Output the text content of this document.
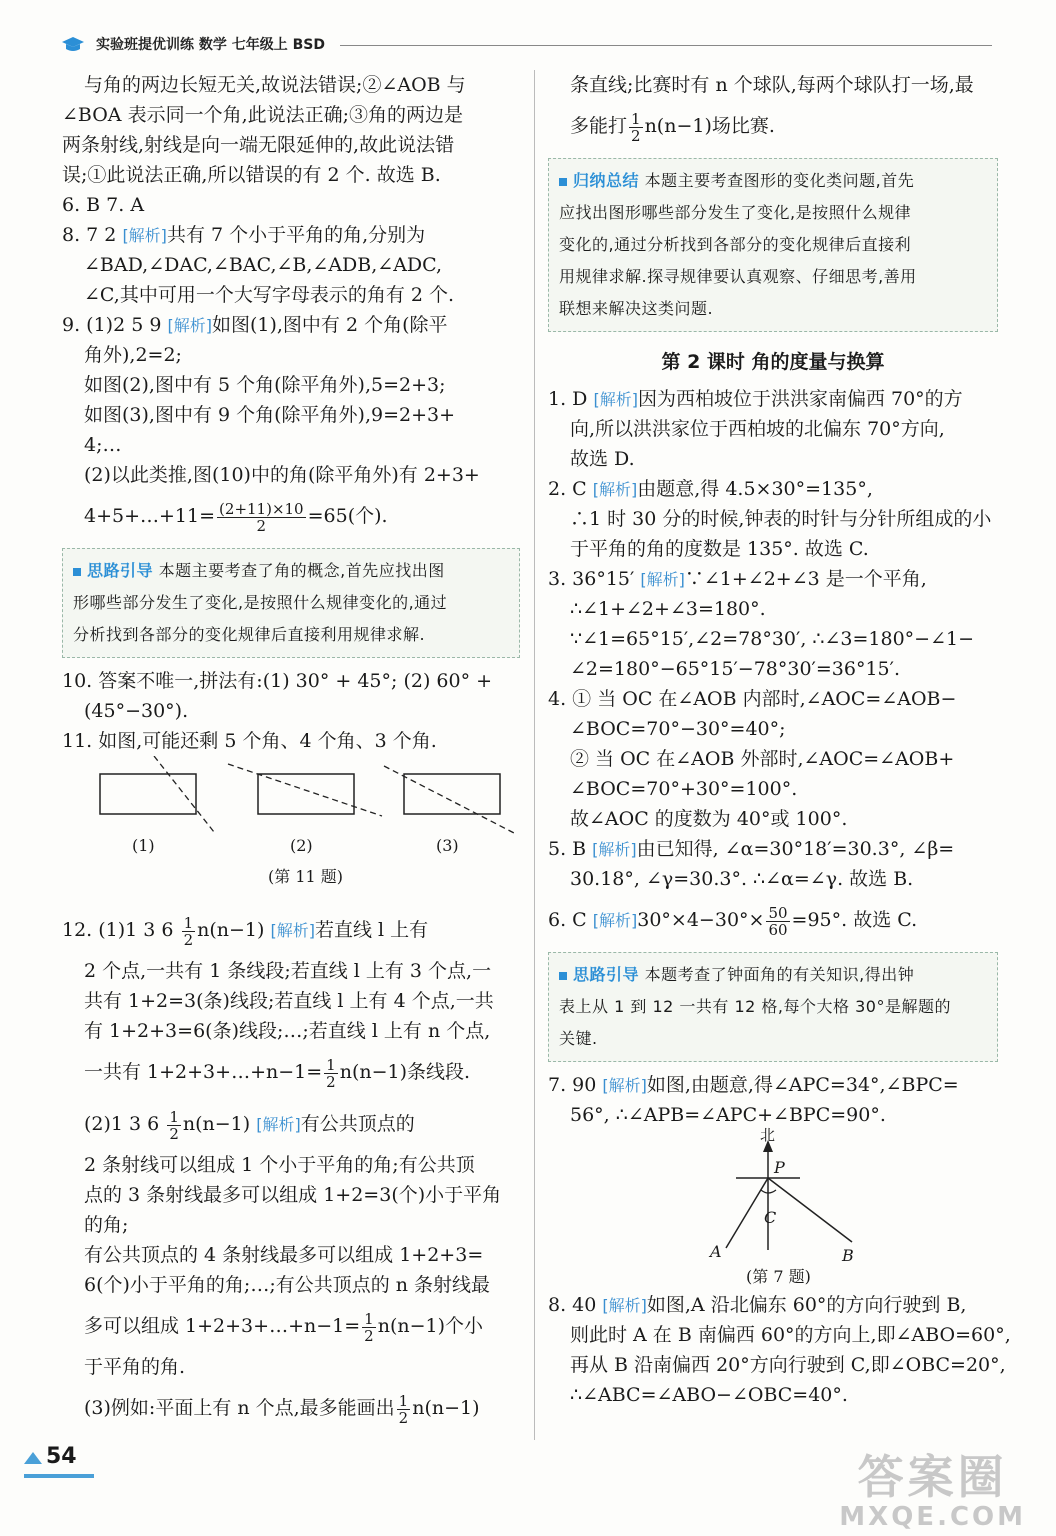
实验班提优训练 数学 七年级上 BSD
与角的两边长短无关,故说法错误;②∠AOB 与
∠BOA 表示同一个角,此说法正确;③角的两边是
两条射线,射线是向一端无限延伸的,故此说法错
误;①此说法正确,所以错误的有 2 个. 故选 B.
6. B 7. A
8. 7 2 [解析]共有 7 个小于平角的角,分别为
∠BAD,∠DAC,∠BAC,∠B,∠ADB,∠ADC,
∠C,其中可用一个大写字母表示的角有 2 个.
9. (1)2 5 9 [解析]如图(1),图中有 2 个角(除平
角外),2=2;
如图(2),图中有 5 个角(除平角外),5=2+3;
如图(3),图中有 9 个角(除平角外),9=2+3+
4;…
(2)以此类推,图(10)中的角(除平角外)有 2+3+
4+5+…+11= $\frac{(2+11)\times 10}{2} =65$(个).
思路引导 本题主要考查了角的概念,首先应找出图
形哪些部分发生了变化,是按照什么规律变化的,通过
分析找到各部分的变化规律后直接利用规律求解.
10. 答案不唯一,拼法有:(1) 30° + 45°; (2) 60° +
(45°−30°).
11. 如图,可能还剩 5 个角、4 个角、3 个角.
(1)	(2)	(3)
(第 11 题)
12. (1)1 3 $6 \frac{1}{2} n(n-1)$ [解析]若直线 l 上有
2 个点,一共有 1 条线段;若直线 l 上有 3 个点,一
共有 1+2=3(条)线段;若直线 l 上有 4 个点,一共
有 1+2+3=6(条)线段;…;若直线 l 上有 n 个点,
一共有 1+2+3+…+n−1= $\frac{1}{2} n(n-1)$条线段.
(2)1 3 $6 \frac{1}{2} n(n-1)$ [解析]有公共顶点的
2 条射线可以组成 1 个小于平角的角;有公共顶
点的 3 条射线最多可以组成 1+2=3(个)小于平角
的角;
有公共顶点的 4 条射线最多可以组成 1+2+3=
6(个)小于平角的角;…;有公共顶点的 n 条射线最
多可以组成 1+2+3+…+n−1= $\frac{1}{2} n(n-1)$个小
于平角的角.
(3)例如:平面上有 n 个点,最多能画出 $\frac{1}{2} n(n-1)$
条直线;比赛时有 n 个球队,每两个球队打一场,最
多能打 $\frac{1}{2} n(n-1)$场比赛.
归纳总结 本题主要考查图形的变化类问题,首先
应找出图形哪些部分发生了变化,是按照什么规律
变化的,通过分析找到各部分的变化规律后直接利
用规律求解.探寻规律要认真观察、仔细思考,善用
联想来解决这类问题.
第 2 课时 角的度量与换算
1. D [解析]因为西柏坡位于洪洪家南偏西 70°的方
向,所以洪洪家位于西柏坡的北偏东 70°方向,
故选 D.
2. C [解析]由题意,得 4.5×30°=135°,
∴1 时 30 分的时候,钟表的时针与分针所组成的小
于平角的角的度数是 135°. 故选 C.
3. 36°15′ [解析]∵∠1+∠2+∠3 是一个平角,
∴∠1+∠2+∠3=180°.
∵∠1=65°15′,∠2=78°30′, ∴∠3=180°−∠1−
∠2=180°−65°15′−78°30′=36°15′.
4. ① 当 OC 在∠AOB 内部时,∠AOC=∠AOB−
∠BOC=70°−30°=40°;
② 当 OC 在∠AOB 外部时,∠AOC=∠AOB+
∠BOC=70°+30°=100°.
故∠AOC 的度数为 40°或 100°.
5. B [解析]由已知得, ∠α=30°18′=30.3°, ∠β=
30.18°, ∠γ=30.3°. ∴∠α=∠γ. 故选 B.
6. C [解析]$30^\circ\times 4-30^\circ\times \frac{50}{60} =95^\circ$. 故选 C.
思路引导 本题考查了钟面角的有关知识,得出钟
表上从 1 到 12 一共有 12 格,每个大格 30°是解题的
关键.
7. 90 [解析]如图,由题意,得∠APC=34°,∠BPC=
56°, ∴∠APB=∠APC+∠BPC=90°.
北
P
C
A	B
(第 7 题)
8. 40 [解析]如图,A 沿北偏东 60°的方向行驶到 B,
则此时 A 在 B 南偏西 60°的方向上,即∠ABO=60°,
再从 B 沿南偏西 20°方向行驶到 C,即∠OBC=20°,
∴∠ABC=∠ABO−∠OBC=40°.
54	答案圈
MXQE.COM
